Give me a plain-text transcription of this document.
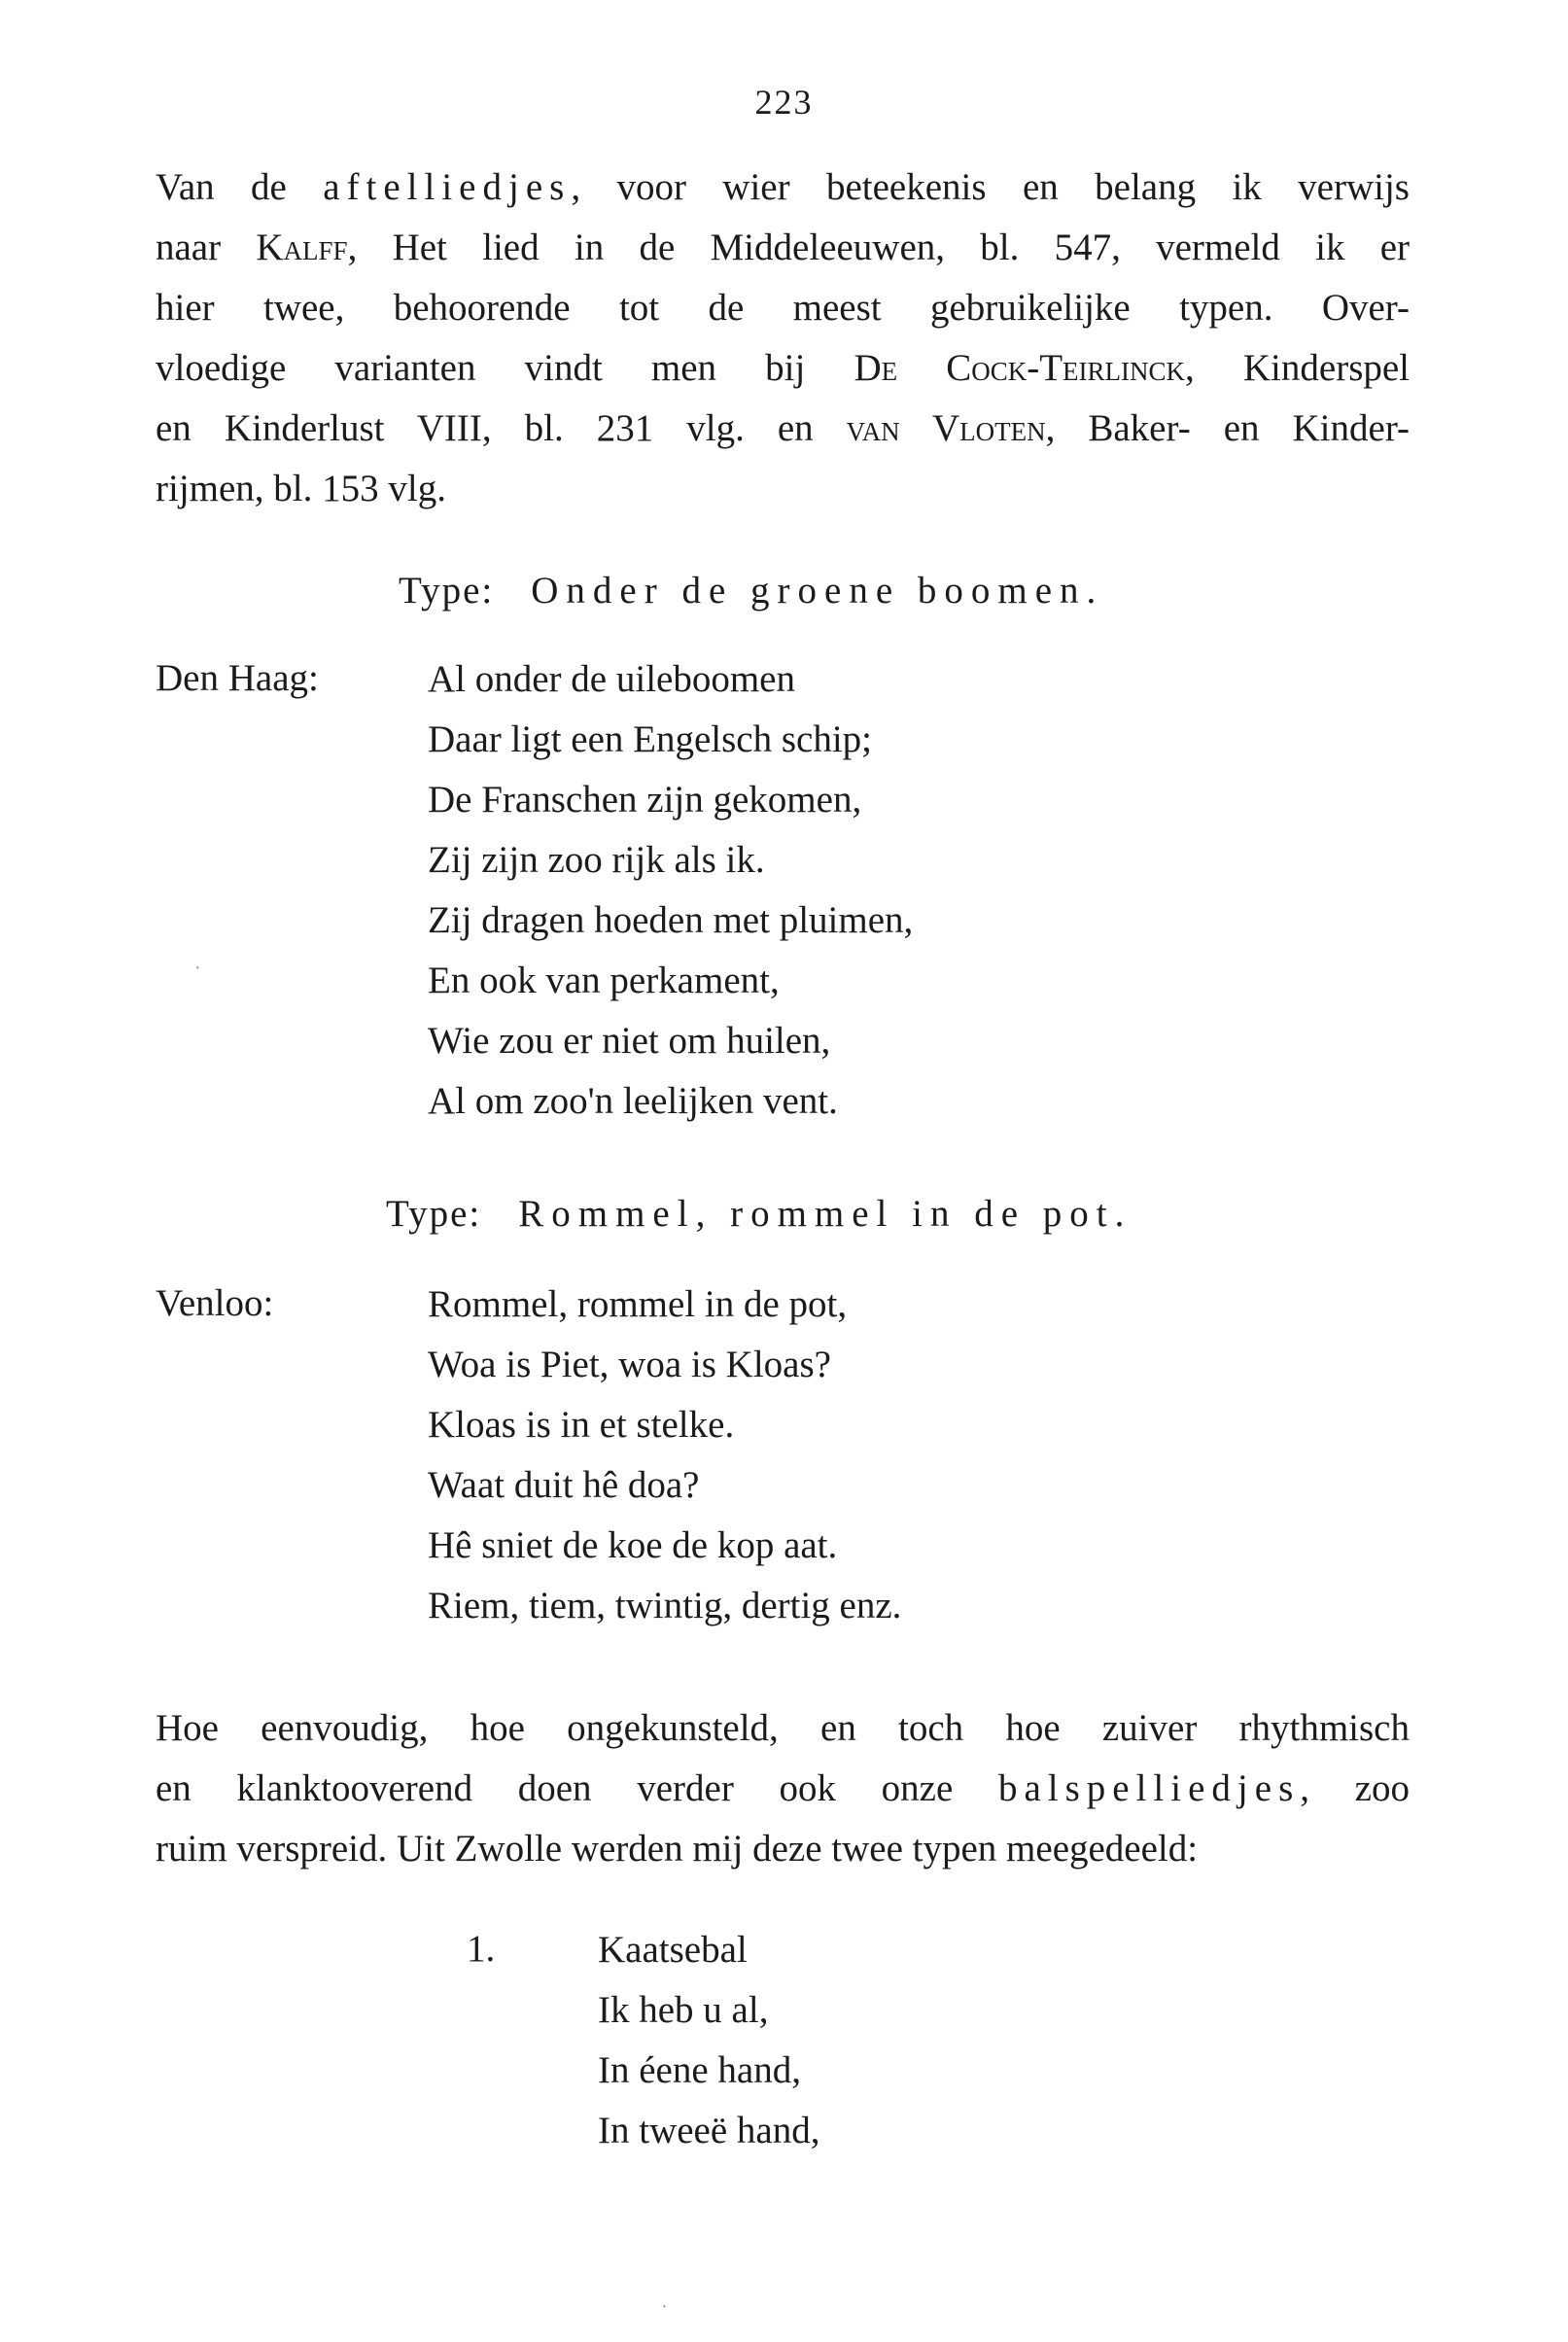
223
Van de aftelliedjes, voor wier beteekenis en belang ik verwijs
naar Kalff, Het lied in de Middeleeuwen, bl. 547, vermeld ik er
hier twee, behoorende tot de meest gebruikelijke typen. Over-
vloedige varianten vindt men bij De Cock-Teirlinck, Kinderspel
en Kinderlust VIII, bl. 231 vlg. en van Vloten, Baker- en Kinder-
rijmen, bl. 153 vlg.
Type: Onder de groene boomen.
Den Haag:	Al onder de uileboomen
Daar ligt een Engelsch schip;
De Franschen zijn gekomen,
Zij zijn zoo rijk als ik.
Zij dragen hoeden met pluimen,
En ook van perkament,
Wie zou er niet om huilen,
Al om zoo'n leelijken vent.
·
Type: Rommel, rommel in de pot.
Venloo:	Rommel, rommel in de pot,
Woa is Piet, woa is Kloas?
Kloas is in et stelke.
Waat duit hê doa?
Hê sniet de koe de kop aat.
Riem, tiem, twintig, dertig enz.
Hoe eenvoudig, hoe ongekunsteld, en toch hoe zuiver rhythmisch
en klanktooverend doen verder ook onze balspelliedjes, zoo
ruim verspreid. Uit Zwolle werden mij deze twee typen meegedeeld:
1.	Kaatsebal
Ik heb u al,
In éene hand,
In tweeë hand,
·
